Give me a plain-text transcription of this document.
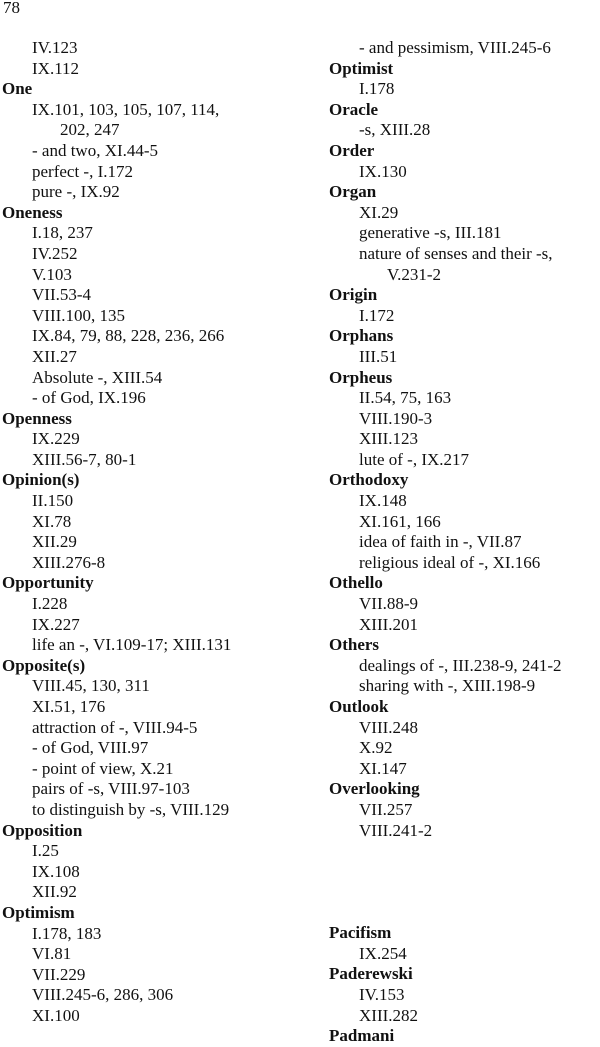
78
IV.123
IX.112
One
IX.101, 103, 105, 107, 114,
202, 247
- and two, XI.44-5
perfect -, I.172
pure -, IX.92
Oneness
I.18, 237
IV.252
V.103
VII.53-4
VIII.100, 135
IX.84, 79, 88, 228, 236, 266
XII.27
Absolute -, XIII.54
- of God, IX.196
Openness
IX.229
XIII.56-7, 80-1
Opinion(s)
II.150
XI.78
XII.29
XIII.276-8
Opportunity
I.228
IX.227
life an -, VI.109-17; XIII.131
Opposite(s)
VIII.45, 130, 311
XI.51, 176
attraction of -, VIII.94-5
- of God, VIII.97
- point of view, X.21
pairs of -s, VIII.97-103
to distinguish by -s, VIII.129
Opposition
I.25
IX.108
XII.92
Optimism
I.178, 183
VI.81
VII.229
VIII.245-6, 286, 306
XI.100
- and pessimism, VIII.245-6
Optimist
I.178
Oracle
-s, XIII.28
Order
IX.130
Organ
XI.29
generative -s, III.181
nature of senses and their -s,
V.231-2
Origin
I.172
Orphans
III.51
Orpheus
II.54, 75, 163
VIII.190-3
XIII.123
lute of -, IX.217
Orthodoxy
IX.148
XI.161, 166
idea of faith in -, VII.87
religious ideal of -, XI.166
Othello
VII.88-9
XIII.201
Others
dealings of -, III.238-9, 241-2
sharing with -, XIII.198-9
Outlook
VIII.248
X.92
XI.147
Overlooking
VII.257
VIII.241-2
Pacifism
IX.254
Paderewski
IV.153
XIII.282
Padmani
